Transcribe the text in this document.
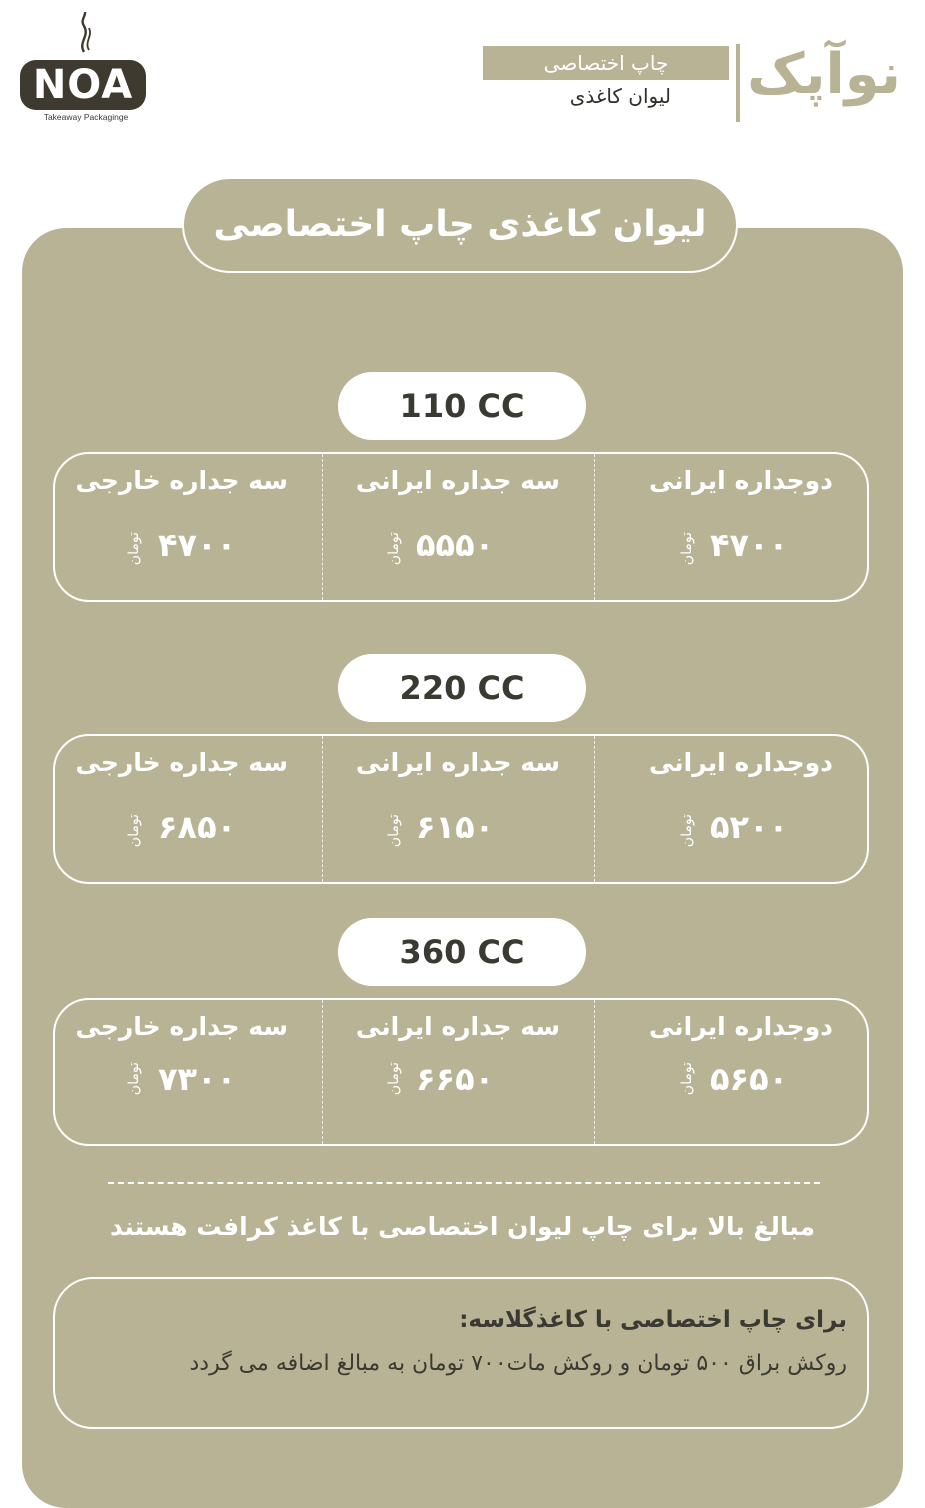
NOA
Takeaway Packaginge
چاپ اختصاصی
لیوان کاغذی نوآپک
لیوان کاغذی چاپ اختصاصی
110 CC
دوجداره ایرانی
تومان ۴۷۰۰
سه جداره ایرانی
تومان ۵۵۵۰
سه جداره خارجی
تومان ۴۷۰۰
220 CC
دوجداره ایرانی
تومان ۵۲۰۰
سه جداره ایرانی
تومان ۶۱۵۰
سه جداره خارجی
تومان ۶۸۵۰
360 CC
دوجداره ایرانی
تومان ۵۶۵۰
سه جداره ایرانی
تومان ۶۶۵۰
سه جداره خارجی
تومان ۷۳۰۰
مبالغ بالا برای چاپ لیوان اختصاصی با کاغذ کرافت هستند
برای چاپ اختصاصی با کاغذگلاسه:
روکش براق ۵۰۰ تومان و روکش مات۷۰۰ تومان به مبالغ اضافه می گردد
